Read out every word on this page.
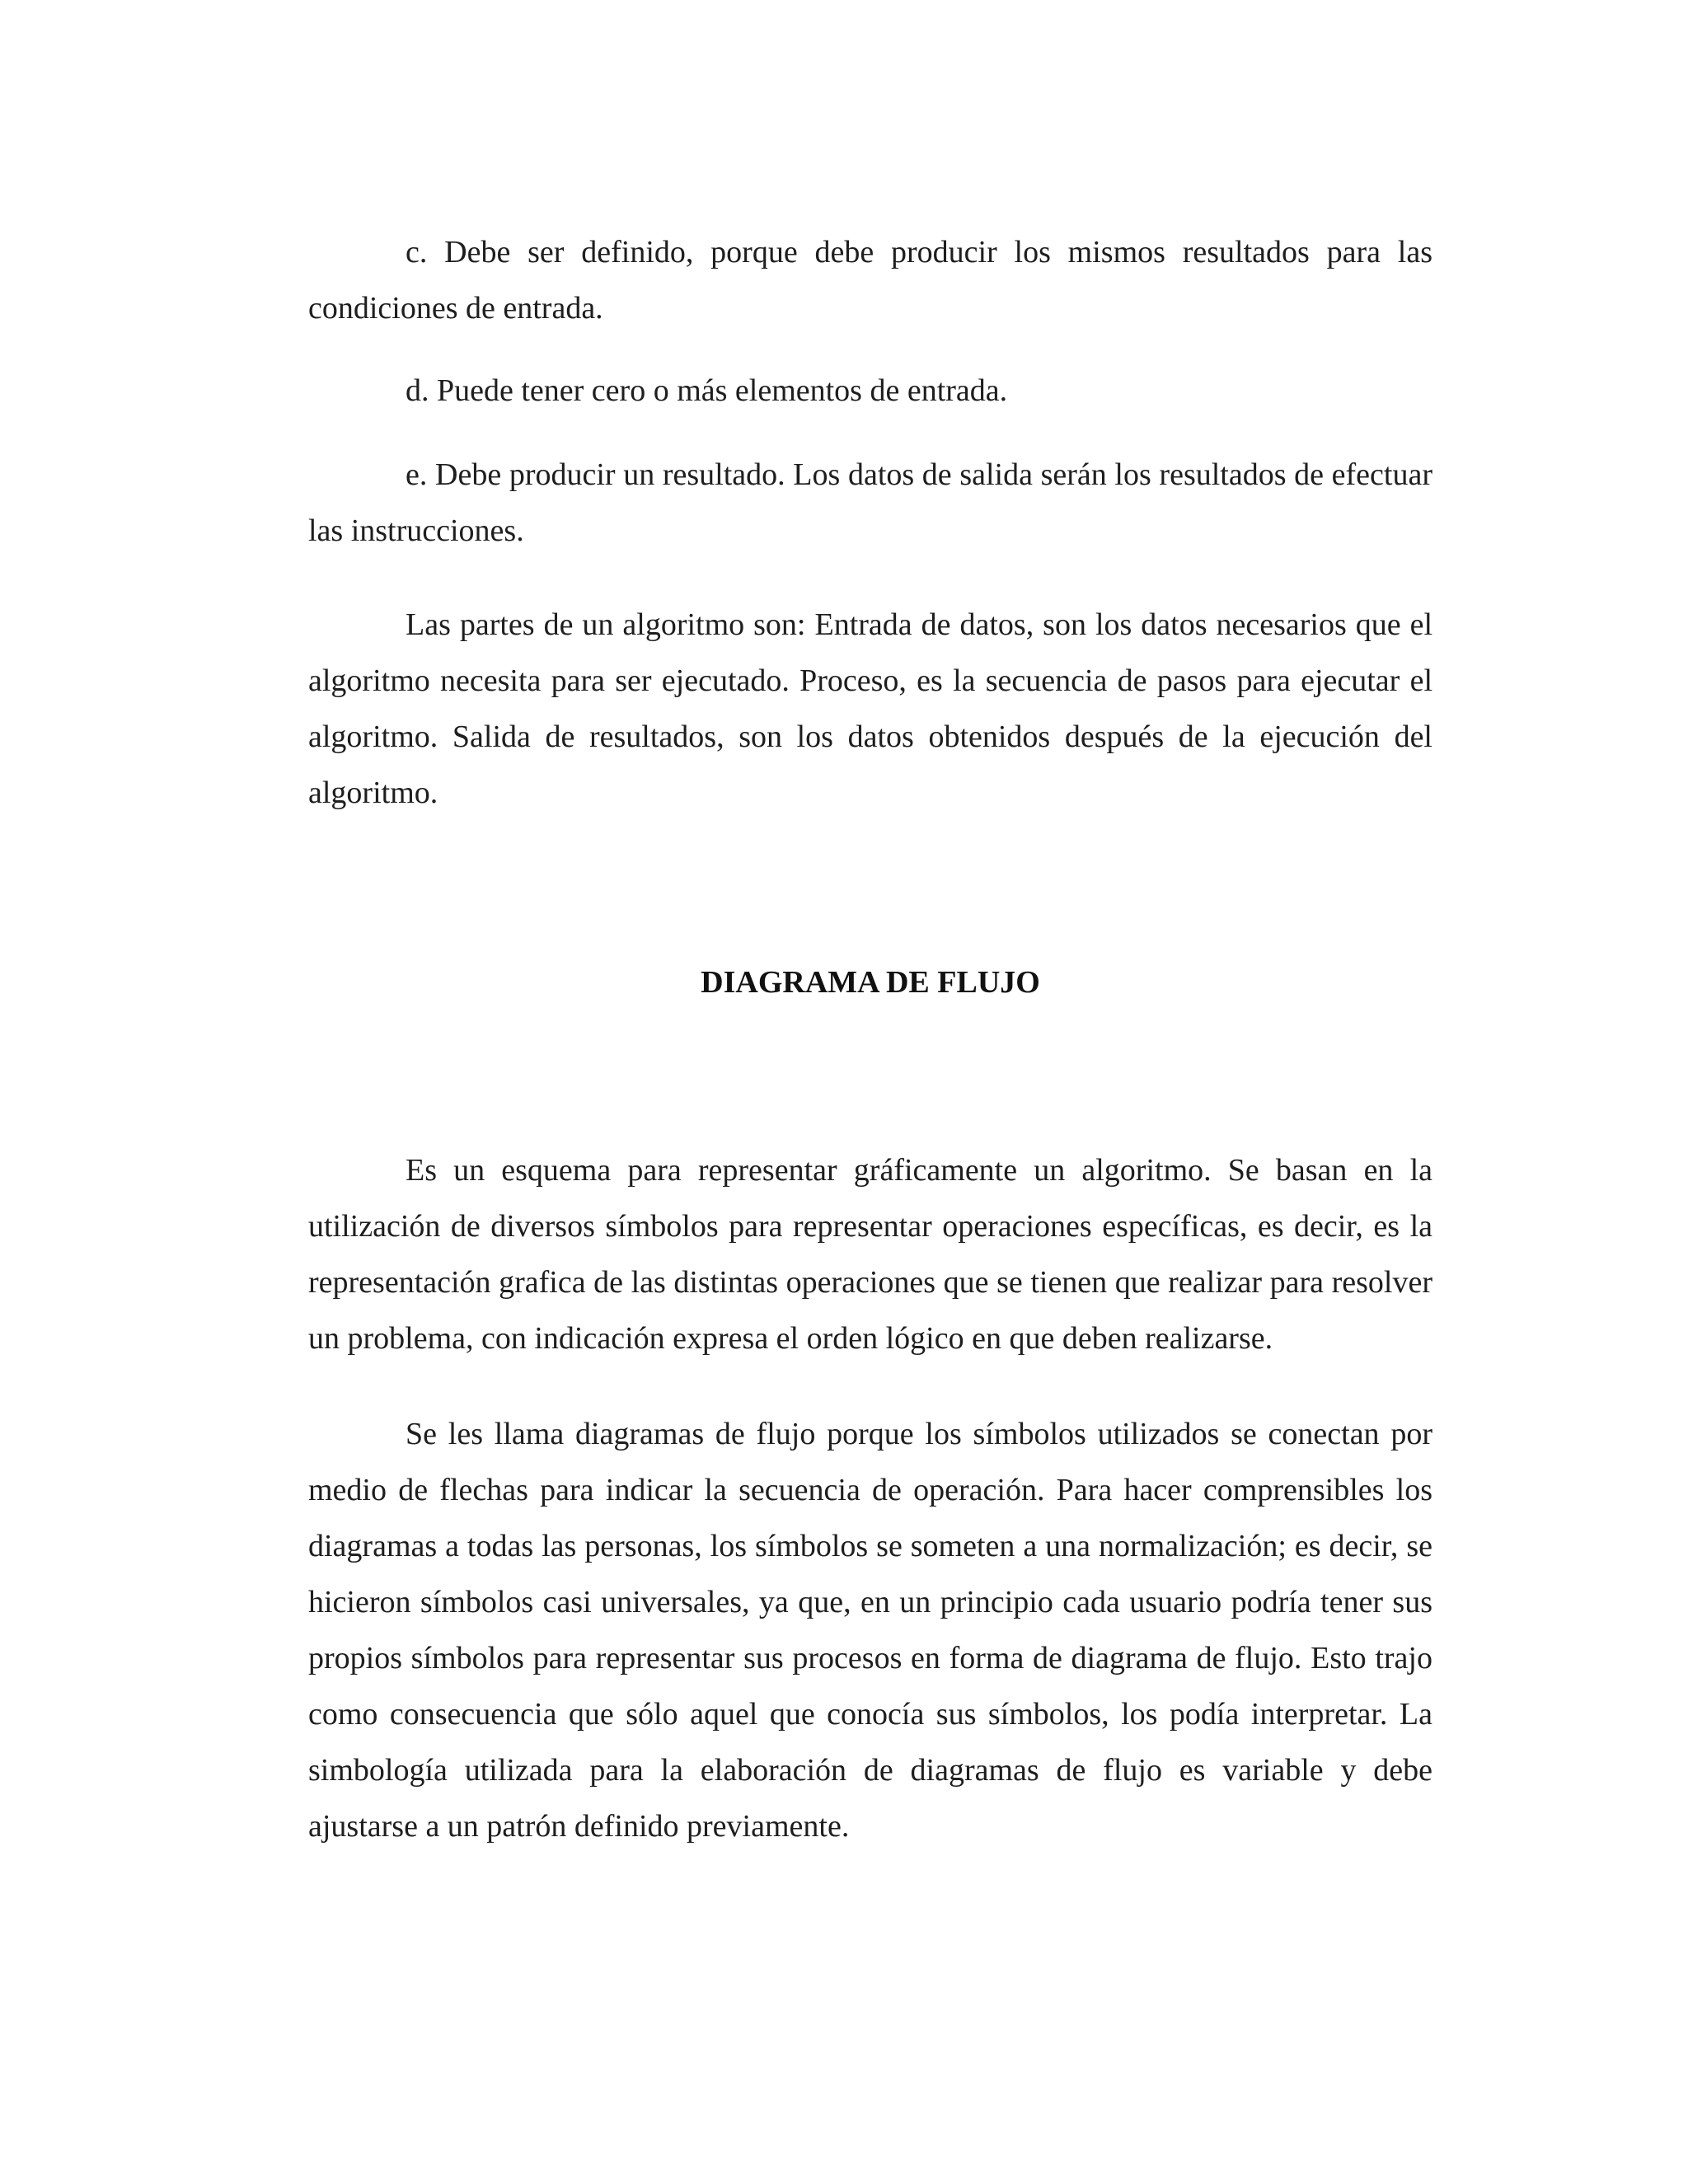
c. Debe ser definido, porque debe producir los mismos resultados para las condiciones de entrada.

d. Puede tener cero o más elementos de entrada.

e. Debe producir un resultado. Los datos de salida serán los resultados de efectuar las instrucciones.

Las partes de un algoritmo son: Entrada de datos, son los datos necesarios que el algoritmo necesita para ser ejecutado. Proceso, es la secuencia de pasos para ejecutar el algoritmo. Salida de resultados, son los datos obtenidos después de la ejecución del algoritmo.

DIAGRAMA DE FLUJO

Es un esquema para representar gráficamente un algoritmo. Se basan en la utilización de diversos símbolos para representar operaciones específicas, es decir, es la representación grafica de las distintas operaciones que se tienen que realizar para resolver un problema, con indicación expresa el orden lógico en que deben realizarse.

Se les llama diagramas de flujo porque los símbolos utilizados se conectan por medio de flechas para indicar la secuencia de operación. Para hacer comprensibles los diagramas a todas las personas, los símbolos se someten a una normalización; es decir, se hicieron símbolos casi universales, ya que, en un principio cada usuario podría tener sus propios símbolos para representar sus procesos en forma de diagrama de flujo. Esto trajo como consecuencia que sólo aquel que conocía sus símbolos, los podía interpretar. La simbología utilizada para la elaboración de diagramas de flujo es variable y debe ajustarse a un patrón definido previamente.
